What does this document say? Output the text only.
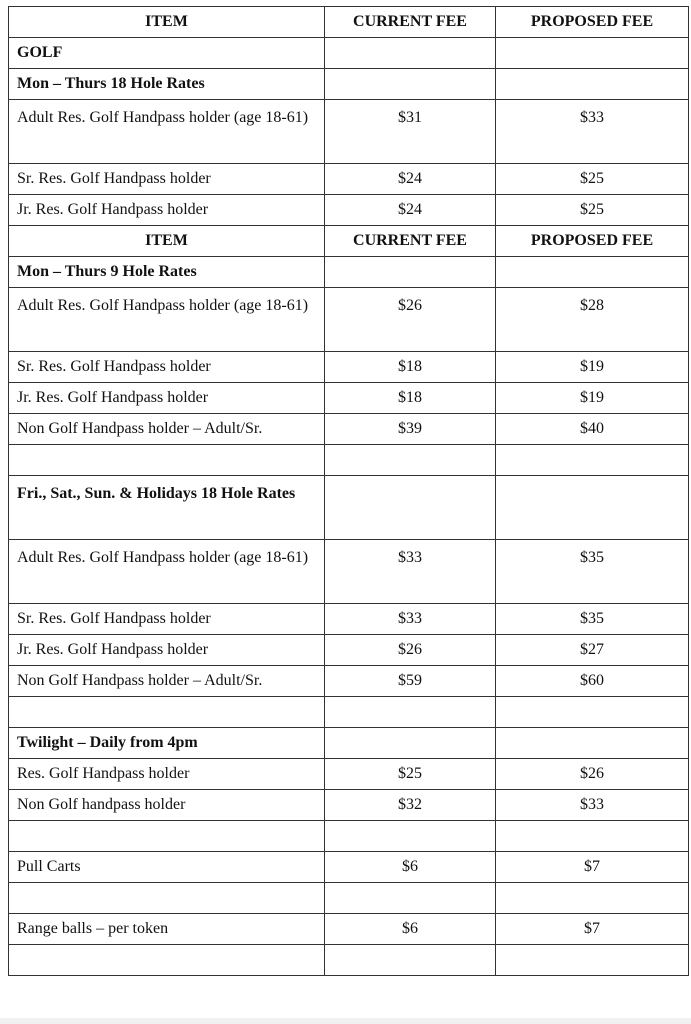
ITEM	CURRENT FEE	PROPOSED FEE
GOLF		
Mon – Thurs 18 Hole Rates		
Adult Res. Golf Handpass holder (age 18-61)	$31	$33
Sr. Res. Golf Handpass holder	$24	$25
Jr. Res. Golf Handpass holder	$24	$25
ITEM	CURRENT FEE	PROPOSED FEE
Mon – Thurs 9 Hole Rates		
Adult Res. Golf Handpass holder (age 18-61)	$26	$28
Sr. Res. Golf Handpass holder	$18	$19
Jr. Res. Golf Handpass holder	$18	$19
Non Golf Handpass holder – Adult/Sr.	$39	$40

Fri., Sat., Sun. & Holidays 18 Hole Rates		
Adult Res. Golf Handpass holder (age 18-61)	$33	$35
Sr. Res. Golf Handpass holder	$33	$35
Jr. Res. Golf Handpass holder	$26	$27
Non Golf Handpass holder – Adult/Sr.	$59	$60

Twilight – Daily from 4pm		
Res. Golf Handpass holder	$25	$26
Non Golf handpass holder	$32	$33

Pull Carts	$6	$7

Range balls – per token	$6	$7
